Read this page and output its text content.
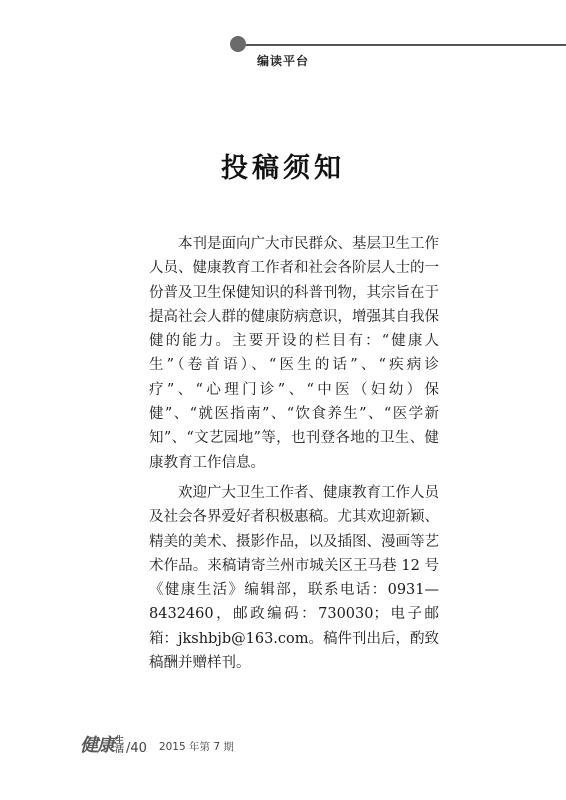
编读平台
投稿须知

本刊是面向广大市民群众、基层卫生工作人员、健康教育工作者和社会各阶层人士的一份普及卫生保健知识的科普刊物，其宗旨在于提高社会人群的健康防病意识，增强其自我保健的能力。主要开设的栏目有：“健康人生”（卷首语）、“医生的话”、“疾病诊疗”、“心理门诊”、“中医（妇幼）保健”、“就医指南”、“饮食养生”、“医学新知”、“文艺园地”等，也刊登各地的卫生、健康教育工作信息。

欢迎广大卫生工作者、健康教育工作人员及社会各界爱好者积极惠稿。尤其欢迎新颖、精美的美术、摄影作品，以及插图、漫画等艺术作品。来稿请寄兰州市城关区王马巷 12 号《健康生活》编辑部，联系电话：0931—8432460，邮政编码：730030；电子邮箱：jkshbjb@163.com。稿件刊出后，酌致稿酬并赠样刊。

健康 生活 /40 2015 年第 7 期
